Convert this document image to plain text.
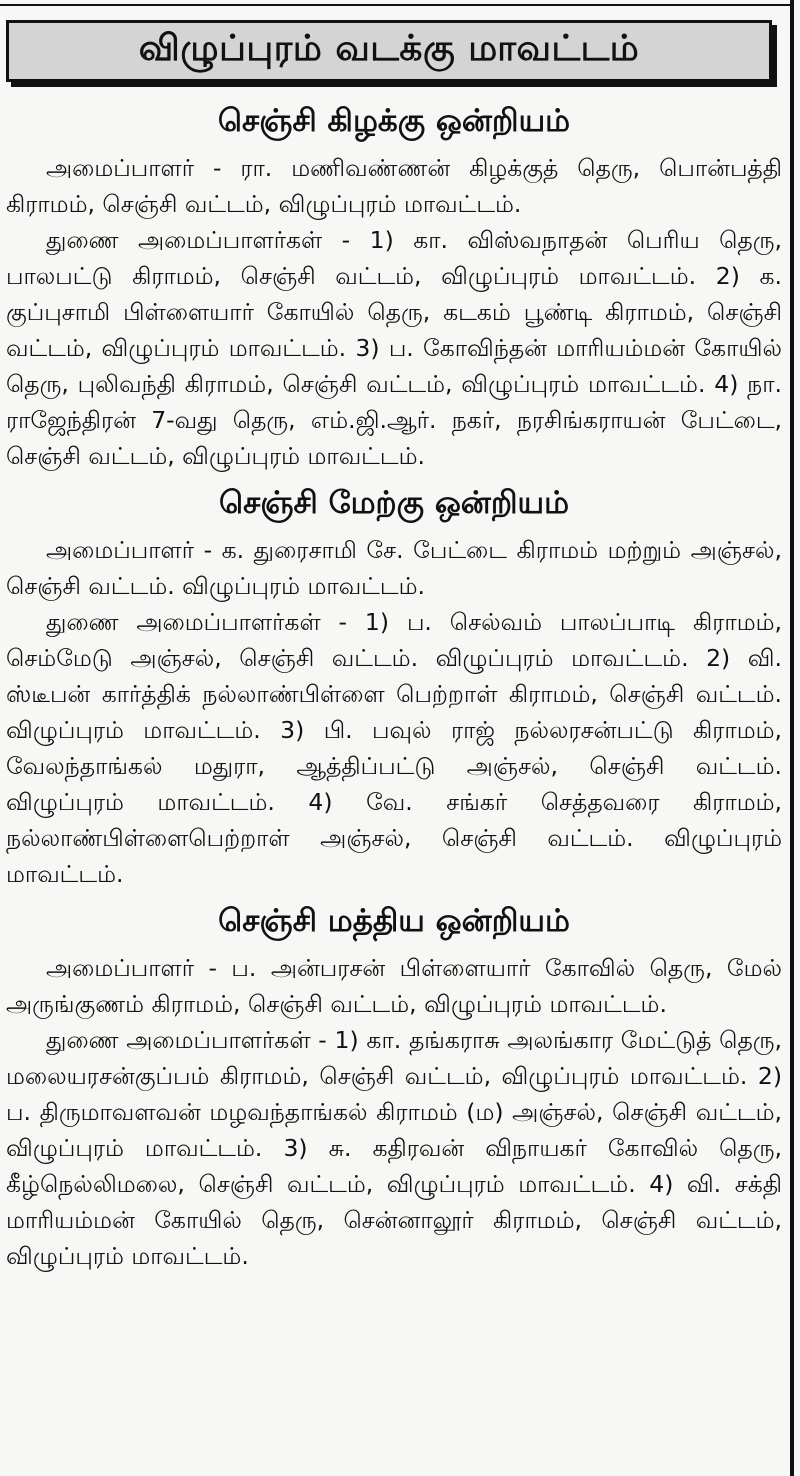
விழுப்புரம் வடக்கு மாவட்டம்
செஞ்சி கிழக்கு ஒன்றியம்

அமைப்பாளர் - ரா. மணிவண்ணன் கிழக்குத் தெரு, பொன்பத்தி கிராமம், செஞ்சி வட்டம், விழுப்புரம் மாவட்டம்.

துணை அமைப்பாளர்கள் - 1) கா. விஸ்வநாதன் பெரிய தெரு, பாலபட்டு கிராமம், செஞ்சி வட்டம், விழுப்புரம் மாவட்டம். 2) க. குப்புசாமி பிள்ளையார் கோயில் தெரு, கடகம் பூண்டி கிராமம், செஞ்சி வட்டம், விழுப்புரம் மாவட்டம். 3) ப. கோவிந்தன் மாரியம்மன் கோயில் தெரு, புலிவந்தி கிராமம், செஞ்சி வட்டம், விழுப்புரம் மாவட்டம். 4) நா. ராஜேந்திரன் 7-வது தெரு, எம்.ஜி.ஆர். நகர், நரசிங்கராயன் பேட்டை, செஞ்சி வட்டம், விழுப்புரம் மாவட்டம்.

செஞ்சி மேற்கு ஒன்றியம்

அமைப்பாளர் - க. துரைசாமி சே. பேட்டை கிராமம் மற்றும் அஞ்சல், செஞ்சி வட்டம். விழுப்புரம் மாவட்டம்.

துணை அமைப்பாளர்கள் - 1) ப. செல்வம் பாலப்பாடி கிராமம், செம்மேடு அஞ்சல், செஞ்சி வட்டம். விழுப்புரம் மாவட்டம். 2) வி. ஸ்டீபன் கார்த்திக் நல்லாண்பிள்ளை பெற்றாள் கிராமம், செஞ்சி வட்டம். விழுப்புரம் மாவட்டம். 3) பி. பவுல் ராஜ் நல்லரசன்பட்டு கிராமம், வேலந்தாங்கல் மதுரா, ஆத்திப்பட்டு அஞ்சல், செஞ்சி வட்டம். விழுப்புரம் மாவட்டம். 4) வே. சங்கர் செத்தவரை கிராமம், நல்லாண்பிள்ளைபெற்றாள் அஞ்சல், செஞ்சி வட்டம். விழுப்புரம் மாவட்டம்.

செஞ்சி மத்திய ஒன்றியம்

அமைப்பாளர் - ப. அன்பரசன் பிள்ளையார் கோவில் தெரு, மேல் அருங்குணம் கிராமம், செஞ்சி வட்டம், விழுப்புரம் மாவட்டம்.

துணை அமைப்பாளர்கள் - 1) கா. தங்கராசு அலங்கார மேட்டுத் தெரு, மலையரசன்குப்பம் கிராமம், செஞ்சி வட்டம், விழுப்புரம் மாவட்டம். 2) ப. திருமாவளவன் மழவந்தாங்கல் கிராமம் (ம) அஞ்சல், செஞ்சி வட்டம், விழுப்புரம் மாவட்டம். 3) சு. கதிரவன் விநாயகர் கோவில் தெரு, கீழ்நெல்லிமலை, செஞ்சி வட்டம், விழுப்புரம் மாவட்டம். 4) வி. சக்தி மாரியம்மன் கோயில் தெரு, சென்னாலூர் கிராமம், செஞ்சி வட்டம், விழுப்புரம் மாவட்டம்.
